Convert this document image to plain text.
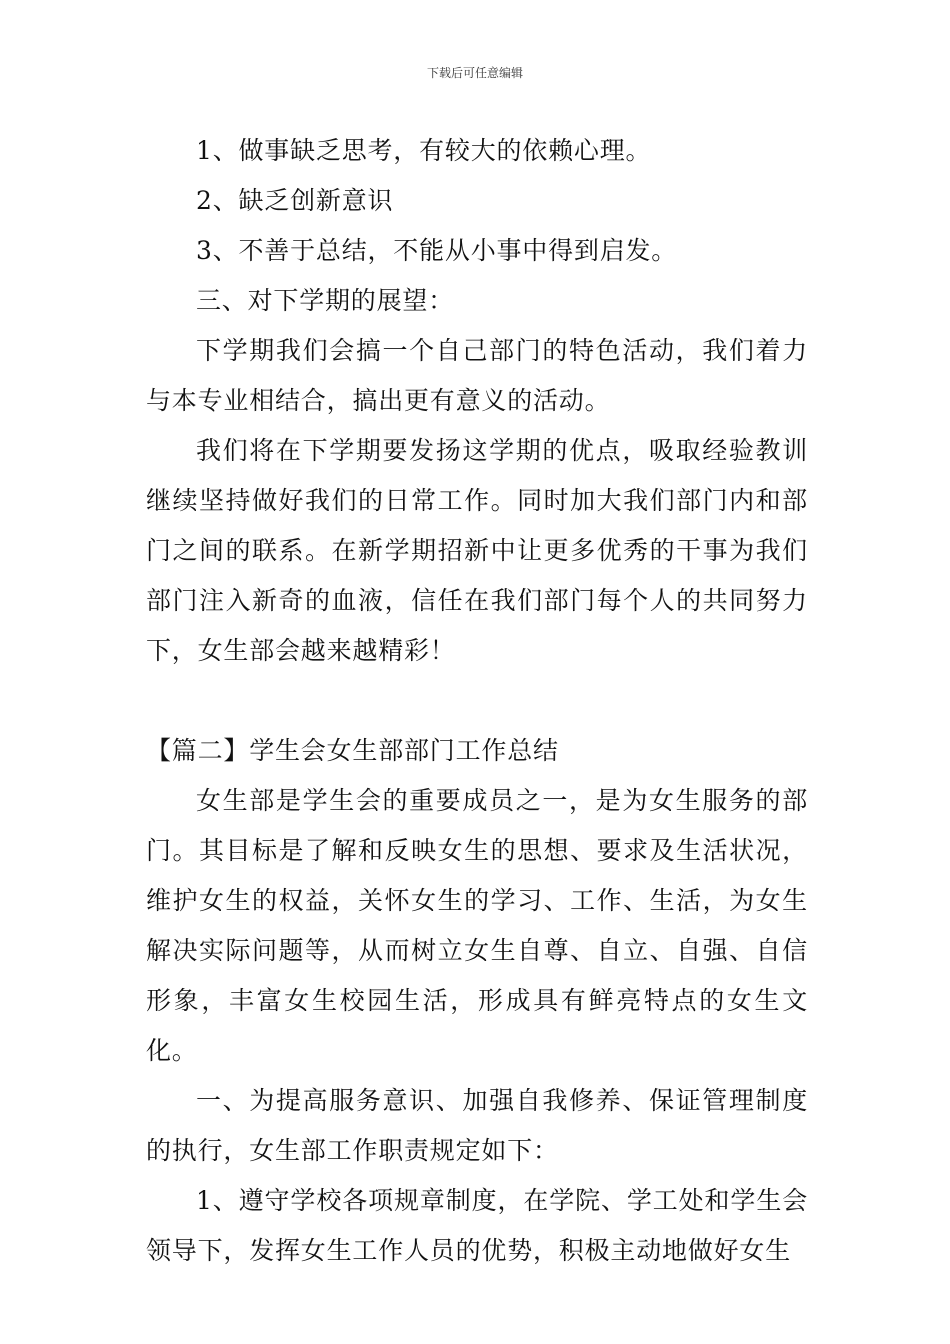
下载后可任意编辑

1、做事缺乏思考，有较大的依赖心理。

2、缺乏创新意识

3、不善于总结，不能从小事中得到启发。

三、对下学期的展望：

下学期我们会搞一个自己部门的特色活动，我们着力与本专业相结合，搞出更有意义的活动。

我们将在下学期要发扬这学期的优点，吸取经验教训继续坚持做好我们的日常工作。同时加大我们部门内和部门之间的联系。在新学期招新中让更多优秀的干事为我们部门注入新奇的血液，信任在我们部门每个人的共同努力下，女生部会越来越精彩！

【篇二】学生会女生部部门工作总结

女生部是学生会的重要成员之一，是为女生服务的部门。其目标是了解和反映女生的思想、要求及生活状况，维护女生的权益，关怀女生的学习、工作、生活，为女生解决实际问题等，从而树立女生自尊、自立、自强、自信形象，丰富女生校园生活，形成具有鲜亮特点的女生文化。

一、为提高服务意识、加强自我修养、保证管理制度的执行，女生部工作职责规定如下：

1、遵守学校各项规章制度，在学院、学工处和学生会领导下，发挥女生工作人员的优势，积极主动地做好女生
